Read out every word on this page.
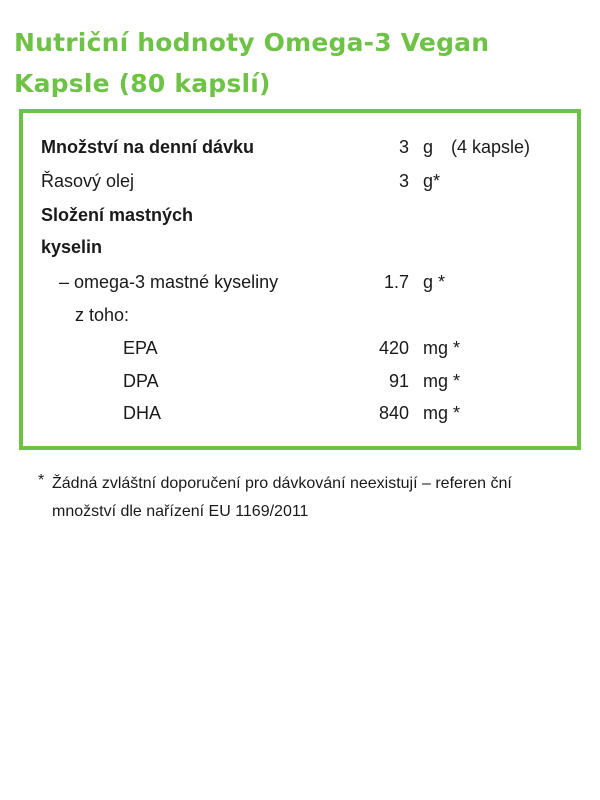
Nutriční hodnoty Omega-3 Vegan Kapsle (80 kapslí)
Množství na denní dávku	3 g (4 kapsle)
Řasový olej	3 g*
Složení mastných
kyselin
– omega-3 mastné kyseliny	1.7 g *
z toho:
EPA	420 mg *
DPA	91 mg *
DHA	840 mg *
* Žádná zvláštní doporučení pro dávkování neexistují – referen ční množství dle nařízení EU 1169/2011
